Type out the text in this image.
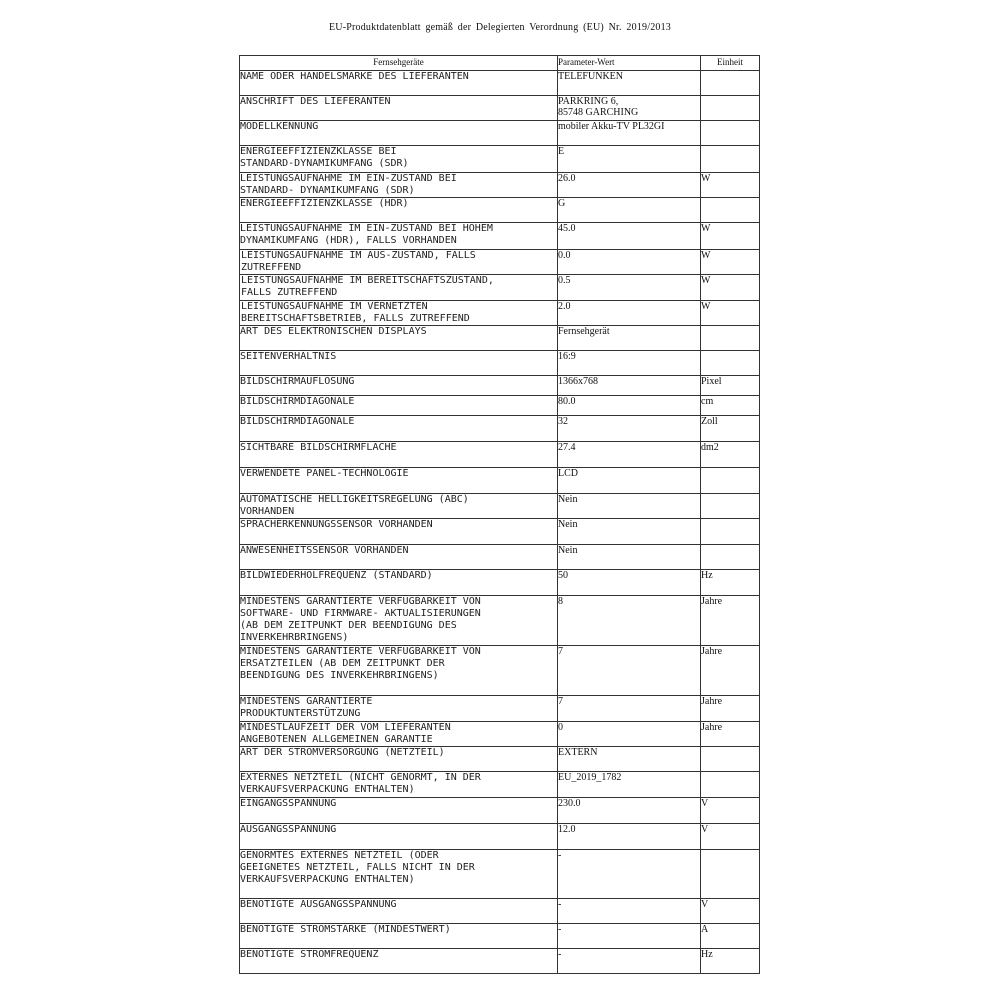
EU-Produktdatenblatt gemäß der Delegierten Verordnung (EU) Nr. 2019/2013
Fernsehgeräte	Parameter-Wert	Einheit
NAME ODER HANDELSMARKE DES LIEFERANTEN	TELEFUNKEN	
ANSCHRIFT DES LIEFERANTEN	PARKRING 6,
85748 GARCHING	
MODELLKENNUNG	mobiler Akku-TV PL32GI	
ENERGIEEFFIZIENZKLASSE BEI
STANDARD-DYNAMIKUMFANG (SDR)	E	
LEISTUNGSAUFNAHME IM EIN-ZUSTAND BEI
STANDARD- DYNAMIKUMFANG (SDR)	26.0	W
ENERGIEEFFIZIENZKLASSE (HDR)	G	
LEISTUNGSAUFNAHME IM EIN-ZUSTAND BEI HOHEM
DYNAMIKUMFANG (HDR), FALLS VORHANDEN	45.0	W
LEISTUNGSAUFNAHME IM AUS-ZUSTAND, FALLS
ZUTREFFEND	0.0	W
LEISTUNGSAUFNAHME IM BEREITSCHAFTSZUSTAND,
FALLS ZUTREFFEND	0.5	W
LEISTUNGSAUFNAHME IM VERNETZTEN
BEREITSCHAFTSBETRIEB, FALLS ZUTREFFEND	2.0	W
ART DES ELEKTRONISCHEN DISPLAYS	Fernsehgerät	
SEITENVERHÄLTNIS	16:9	
BILDSCHIRMAUFLÖSUNG	1366x768	Pixel
BILDSCHIRMDIAGONALE	80.0	cm
BILDSCHIRMDIAGONALE	32	Zoll
SICHTBARE BILDSCHIRMFLÄCHE	27.4	dm2
VERWENDETE PANEL-TECHNOLOGIE	LCD	
AUTOMATISCHE HELLIGKEITSREGELUNG (ABC)
VORHANDEN	Nein	
SPRACHERKENNUNGSSENSOR VORHANDEN	Nein	
ANWESENHEITSSENSOR VORHANDEN	Nein	
BILDWIEDERHOLFREQUENZ (STANDARD)	50	Hz
MINDESTENS GARANTIERTE VERFÜGBARKEIT VON
SOFTWARE- UND FIRMWARE- AKTUALISIERUNGEN
(AB DEM ZEITPUNKT DER BEENDIGUNG DES
INVERKEHRBRINGENS)	8	Jahre
MINDESTENS GARANTIERTE VERFÜGBARKEIT VON
ERSATZTEILEN (AB DEM ZEITPUNKT DER
BEENDIGUNG DES INVERKEHRBRINGENS)	7	Jahre
MINDESTENS GARANTIERTE
PRODUKTUNTERSTÜTZUNG	7	Jahre
MINDESTLAUFZEIT DER VOM LIEFERANTEN
ANGEBOTENEN ALLGEMEINEN GARANTIE	0	Jahre
ART DER STROMVERSORGUNG (NETZTEIL)	EXTERN	
EXTERNES NETZTEIL (NICHT GENORMT, IN DER
VERKAUFSVERPACKUNG ENTHALTEN)	EU_2019_1782	
EINGANGSSPANNUNG	230.0	V
AUSGANGSSPANNUNG	12.0	V
GENORMTES EXTERNES NETZTEIL (ODER
GEEIGNETES NETZTEIL, FALLS NICHT IN DER
VERKAUFSVERPACKUNG ENTHALTEN)	-	
BENÖTIGTE AUSGANGSSPANNUNG	-	V
BENÖTIGTE STROMSTÄRKE (MINDESTWERT)	-	A
BENÖTIGTE STROMFREQUENZ	-	Hz
